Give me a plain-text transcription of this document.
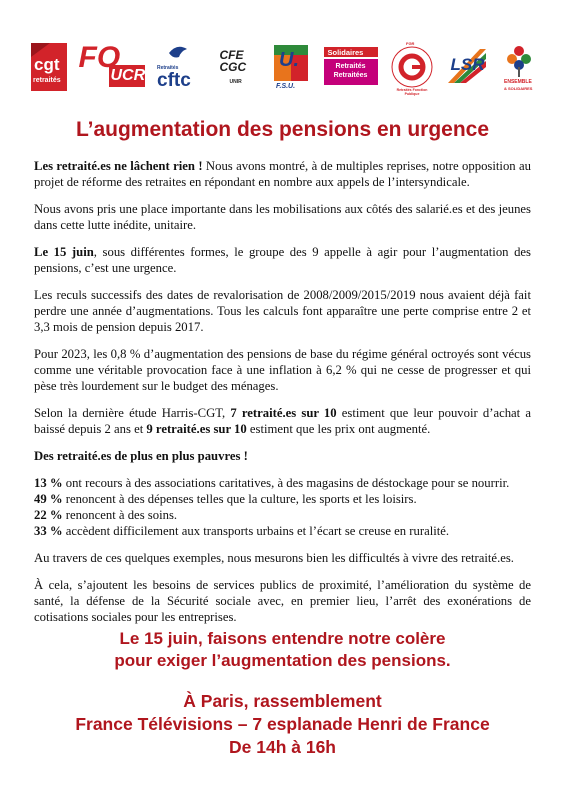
cgt
retraités
FO
UCR Retraités
cftc
CFE CGC
UNIR
U.
F.S.U.
Solidaires
Retraités Retraitées
FGR
Retraités Fonction Publique
LSR
ENSEMBLE
& SOLIDAIRES
L’augmentation des pensions en urgence

Les retraité.es ne lâchent rien ! Nous avons montré, à de multiples reprises, notre opposition au projet de réforme des retraites en répondant en nombre aux appels de l’intersyndicale.

Nous avons pris une place importante dans les mobilisations aux côtés des salarié.es et des jeunes dans cette lutte inédite, unitaire.

Le 15 juin, sous différentes formes, le groupe des 9 appelle à agir pour l’augmentation des pensions, c’est une urgence.

Les reculs successifs des dates de revalorisation de 2008/2009/2015/2019 nous avaient déjà fait perdre une année d’augmentations. Tous les calculs font apparaître une perte comprise entre 2 et 3,3 mois de pension depuis 2017.

Pour 2023, les 0,8 % d’augmentation des pensions de base du régime général octroyés sont vécus comme une véritable provocation face à une inflation à 6,2 % qui ne cesse de progresser et qui pèse très lourdement sur le budget des ménages.

Selon la dernière étude Harris-CGT, 7 retraité.es sur 10 estiment que leur pouvoir d’achat a baissé depuis 2 ans et 9 retraité.es sur 10 estiment que les prix ont augmenté.

Des retraité.es de plus en plus pauvres !

13 % ont recours à des associations caritatives, à des magasins de déstockage pour se nourrir.
49 % renoncent à des dépenses telles que la culture, les sports et les loisirs.
22 % renoncent à des soins.
33 % accèdent difficilement aux transports urbains et l’écart se creuse en ruralité.

Au travers de ces quelques exemples, nous mesurons bien les difficultés à vivre des retraité.es.

À cela, s’ajoutent les besoins de services publics de proximité, l’amélioration du système de santé, la défense de la Sécurité sociale avec, en premier lieu, l’arrêt des exonérations de cotisations sociales pour les entreprises.

Le 15 juin, faisons entendre notre colère
pour exiger l’augmentation des pensions.
À Paris, rassemblement
France Télévisions – 7 esplanade Henri de France
De 14h à 16h
